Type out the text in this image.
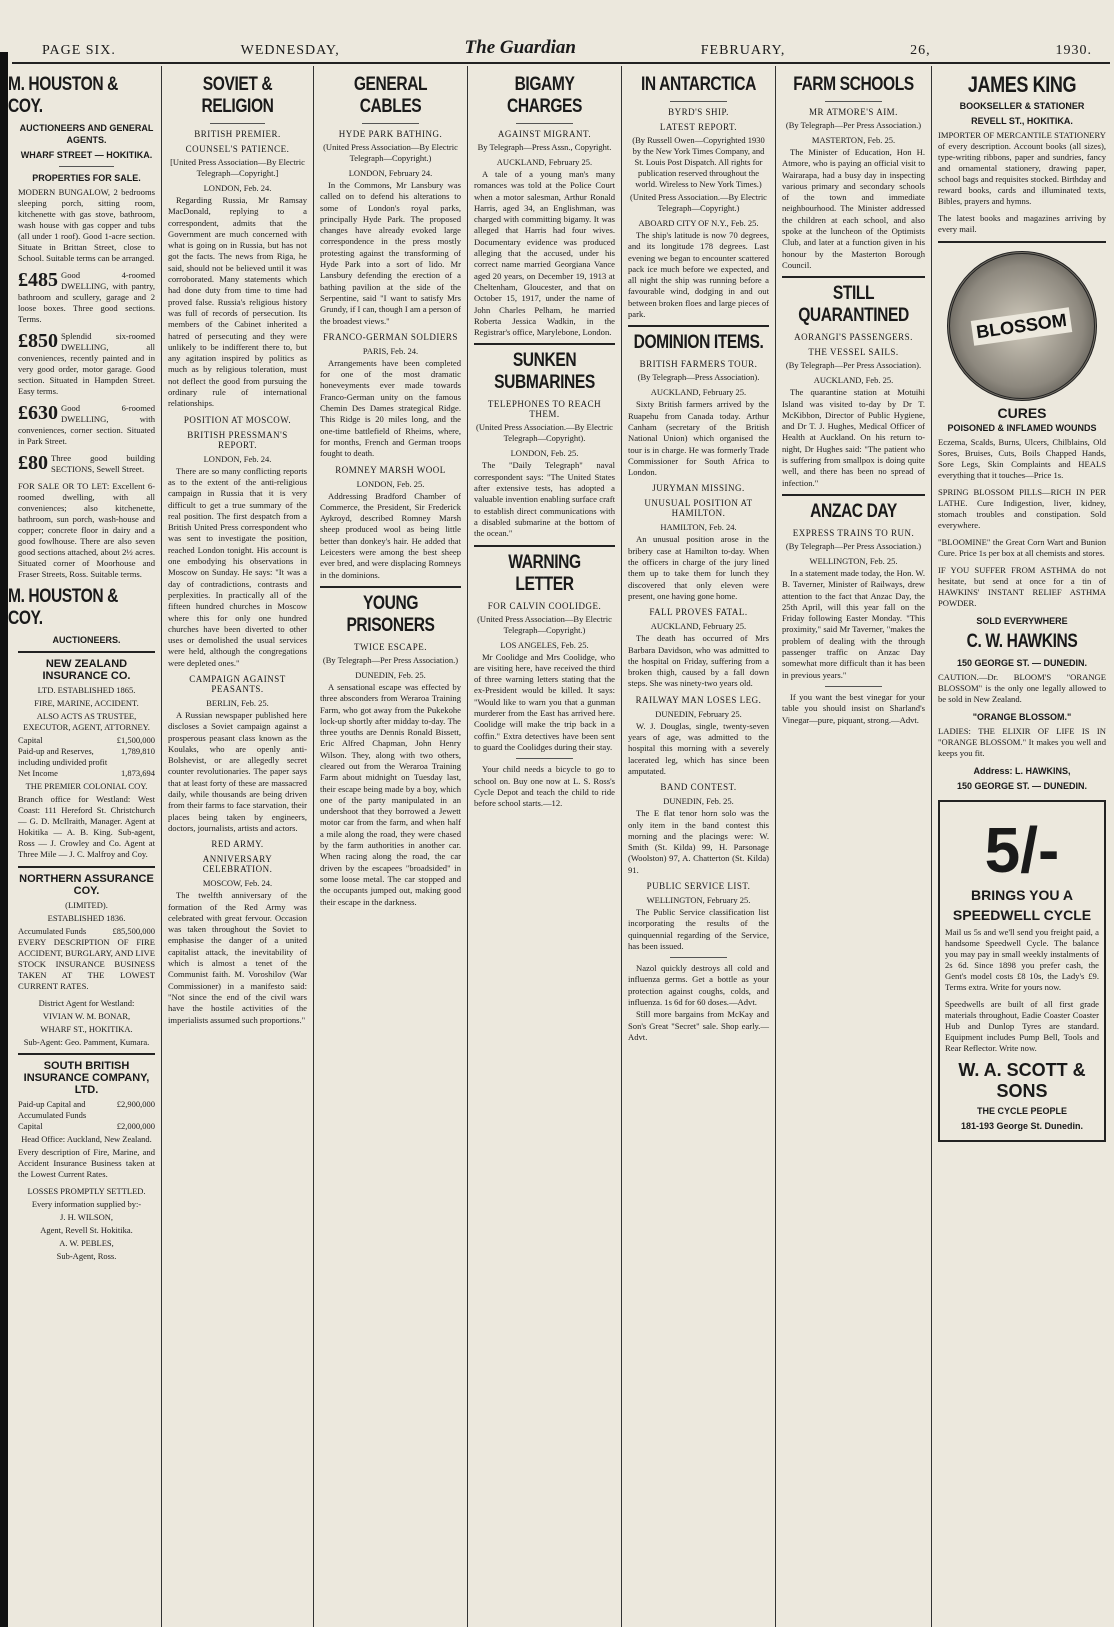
PAGE SIX.	WEDNESDAY,	The Guardian	FEBRUARY,	26,	1930.
M. HOUSTON & COY.
AUCTIONEERS AND GENERAL AGENTS.
WHARF STREET — HOKITIKA.
PROPERTIES FOR SALE.

MODERN BUNGALOW, 2 bedrooms sleeping porch, sitting room, kitchenette with gas stove, bathroom, wash house with gas copper and tubs (all under 1 roof). Good 1-acre section. Situate in Brittan Street, close to School. Suitable terms can be arranged.

£485 Good 4-roomed DWELLING, with pantry, bathroom and scullery, garage and 2 loose boxes. Three good sections. Terms.

£850 Splendid six-roomed DWELLING, all conveniences, recently painted and in very good order, motor garage. Good section. Situated in Hampden Street. Easy terms.

£630 Good 6-roomed DWELLING, with conveniences, corner section. Situated in Park Street.

£80 Three good building SECTIONS, Sewell Street.

FOR SALE OR TO LET: Excellent 6-roomed dwelling, with all conveniences; also kitchenette, bathroom, sun porch, wash-house and copper; concrete floor in dairy and a good fowlhouse. There are also seven good sections attached, about 2½ acres. Situated corner of Moorhouse and Fraser Streets, Ross. Suitable terms.

M. HOUSTON & COY.
AUCTIONEERS.
NEW ZEALAND INSURANCE CO.
LTD. ESTABLISHED 1865.
FIRE, MARINE, ACCIDENT.
ALSO ACTS AS TRUSTEE, EXECUTOR, AGENT, ATTORNEY.
Capital	£1,500,000
Paid-up and Reserves, including undivided profit
1,789,810
Net Income	1,873,694
THE PREMIER COLONIAL COY.

Branch office for Westland: West Coast: 111 Hereford St. Christchurch — G. D. McIlraith, Manager. Agent at Hokitika — A. B. King. Sub-agent, Ross — J. Crowley and Co. Agent at Three Mile — J. C. Malfroy and Coy.

NORTHERN ASSURANCE COY.
(LIMITED).
ESTABLISHED 1836.
Accumulated Funds	£85,500,000

EVERY DESCRIPTION OF FIRE ACCIDENT, BURGLARY, AND LIVE STOCK INSURANCE BUSINESS TAKEN AT THE LOWEST CURRENT RATES.

District Agent for Westland:
VIVIAN W. M. BONAR,
WHARF ST., HOKITIKA.
Sub-Agent: Geo. Pamment, Kumara.
SOUTH BRITISH INSURANCE COMPANY, LTD.
Paid-up Capital and Accumulated Funds
£2,900,000
Capital	£2,000,000
Head Office: Auckland, New Zealand.

Every description of Fire, Marine, and Accident Insurance Business taken at the Lowest Current Rates.

LOSSES PROMPTLY SETTLED.
Every information supplied by:-
J. H. WILSON,
Agent, Revell St. Hokitika.
A. W. PEBLES,
Sub-Agent, Ross.
SOVIET & RELIGION
BRITISH PREMIER.
COUNSEL'S PATIENCE.
[United Press Association—By Electric Telegraph—Copyright.]
LONDON, Feb. 24.

Regarding Russia, Mr Ramsay MacDonald, replying to a correspondent, admits that the Government are much concerned with what is going on in Russia, but has not got the facts. The news from Riga, he said, should not be believed until it was corroborated. Many statements which had done duty from time to time had proved false. Russia's religious history was full of records of persecution. Its members of the Cabinet inherited a hatred of persecuting and they were unlikely to be indifferent there to, but any agitation inspired by politics as much as by religious toleration, must not deflect the good from pursuing the ordinary rule of international relationships.

POSITION AT MOSCOW.
BRITISH PRESSMAN'S REPORT.
LONDON, Feb. 24.

There are so many conflicting reports as to the extent of the anti-religious campaign in Russia that it is very difficult to get a true summary of the real position. The first despatch from a British United Press correspondent who was sent to investigate the position, reached London tonight. His account is one embodying his observations in Moscow on Sunday. He says: "It was a day of contradictions, contrasts and perplexities. In practically all of the fifteen hundred churches in Moscow where this for only one hundred churches have been diverted to other uses or demolished the usual services were held, although the congregations were depleted ones."

CAMPAIGN AGAINST PEASANTS.
BERLIN, Feb. 25.

A Russian newspaper published here discloses a Soviet campaign against a prosperous peasant class known as the Koulaks, who are openly anti-Bolshevist, or are allegedly secret counter revolutionaries. The paper says that at least forty of these are massacred daily, while thousands are being driven from their farms to face starvation, their places being taken by engineers, doctors, journalists, artists and actors.

RED ARMY.
ANNIVERSARY CELEBRATION.
MOSCOW, Feb. 24.

The twelfth anniversary of the formation of the Red Army was celebrated with great fervour. Occasion was taken throughout the Soviet to emphasise the danger of a united capitalist attack, the inevitability of which is almost a tenet of the Communist faith. M. Voroshilov (War Commissioner) in a manifesto said: "Not since the end of the civil wars have the hostile activities of the imperialists assumed such proportions."

GENERAL CABLES
HYDE PARK BATHING.
(United Press Association—By Electric Telegraph—Copyright.)
LONDON, February 24.

In the Commons, Mr Lansbury was called on to defend his alterations to some of London's royal parks, principally Hyde Park. The proposed changes have already evoked large correspondence in the press mostly protesting against the transforming of Hyde Park into a sort of lido. Mr Lansbury defending the erection of a bathing pavilion at the side of the Serpentine, said "I want to satisfy Mrs Grundy, if I can, though I am a person of the broadest views."

FRANCO-GERMAN SOLDIERS
PARIS, Feb. 24.

Arrangements have been completed for one of the most dramatic honeveyments ever made towards Franco-German unity on the famous Chemin Des Dames strategical Ridge. This Ridge is 20 miles long, and the one-time battlefield of Rheims, where, for months, French and German troops fought to death.

ROMNEY MARSH WOOL
LONDON, Feb. 25.

Addressing Bradford Chamber of Commerce, the President, Sir Frederick Aykroyd, described Romney Marsh sheep produced wool as being little better than donkey's hair. He added that Leicesters were among the best sheep ever bred, and were displacing Romneys in the dominions.

YOUNG PRISONERS
TWICE ESCAPE.
(By Telegraph—Per Press Association.)
DUNEDIN, Feb. 25.

A sensational escape was effected by three absconders from Weraroa Training Farm, who got away from the Pukekohe lock-up shortly after midday to-day. The three youths are Dennis Ronald Bissett, Eric Alfred Chapman, John Henry Wilson. They, along with two others, cleared out from the Weraroa Training Farm about midnight on Tuesday last, their escape being made by a boy, which one of the party manipulated in an undershoot that they borrowed a Jewett motor car from the farm, and when half a mile along the road, they were chased by the farm authorities in another car. When racing along the road, the car driven by the escapees "broadsided" in some loose metal. The car stopped and the occupants jumped out, making good their escape in the darkness.

BIGAMY CHARGES
AGAINST MIGRANT.
By Telegraph—Press Assn., Copyright.
AUCKLAND, February 25.

A tale of a young man's many romances was told at the Police Court when a motor salesman, Arthur Ronald Harris, aged 34, an Englishman, was charged with committing bigamy. It was alleged that Harris had four wives. Documentary evidence was produced alleging that the accused, under his correct name married Georgiana Vance aged 20 years, on December 19, 1913 at Cheltenham, Gloucester, and that on October 15, 1917, under the name of John Charles Pelham, he married Roberta Jessica Wadkin, in the Registrar's office, Marylebone, London.

SUNKEN SUBMARINES
TELEPHONES TO REACH THEM.
(United Press Association.—By Electric Telegraph—Copyright).
LONDON, Feb. 25.

The "Daily Telegraph" naval correspondent says: "The United States after extensive tests, has adopted a valuable invention enabling surface craft to establish direct communications with a disabled submarine at the bottom of the ocean."

WARNING LETTER
FOR CALVIN COOLIDGE.
(United Press Association—By Electric Telegraph—Copyright.)
LOS ANGELES, Feb. 25.

Mr Coolidge and Mrs Coolidge, who are visiting here, have received the third of three warning letters stating that the ex-President would be killed. It says: "Would like to warn you that a gunman murderer from the East has arrived here. Coolidge will make the trip back in a coffin." Extra detectives have been sent to guard the Coolidges during their stay.

Your child needs a bicycle to go to school on. Buy one now at L. S. Ross's Cycle Depot and teach the child to ride before school starts.—12.

IN ANTARCTICA
BYRD'S SHIP.
LATEST REPORT.
(By Russell Owen—Copyrighted 1930 by the New York Times Company, and St. Louis Post Dispatch. All rights for publication reserved throughout the world. Wireless to New York Times.)
(United Press Association.—By Electric Telegraph—Copyright.)
ABOARD CITY OF N.Y., Feb. 25.

The ship's latitude is now 70 degrees, and its longitude 178 degrees. Last evening we began to encounter scattered pack ice much before we expected, and all night the ship was running before a favourable wind, dodging in and out between broken floes and large pieces of park.

DOMINION ITEMS.
BRITISH FARMERS TOUR.
(By Telegraph—Press Association).
AUCKLAND, February 25.

Sixty British farmers arrived by the Ruapehu from Canada today. Arthur Canham (secretary of the British National Union) which organised the tour is in charge. He was formerly Trade Commissioner for South Africa to London.

JURYMAN MISSING.
UNUSUAL POSITION AT HAMILTON.
HAMILTON, Feb. 24.

An unusual position arose in the bribery case at Hamilton to-day. When the officers in charge of the jury lined them up to take them for lunch they discovered that only eleven were present, one having gone home.

FALL PROVES FATAL.
AUCKLAND, February 25.

The death has occurred of Mrs Barbara Davidson, who was admitted to the hospital on Friday, suffering from a broken thigh, caused by a fall down steps. She was ninety-two years old.

RAILWAY MAN LOSES LEG.
DUNEDIN, February 25.

W. J. Douglas, single, twenty-seven years of age, was admitted to the hospital this morning with a severely lacerated leg, which has since been amputated.

BAND CONTEST.
DUNEDIN, Feb. 25.

The E flat tenor horn solo was the only item in the band contest this morning and the placings were: W. Smith (St. Kilda) 99, H. Parsonage (Woolston) 97, A. Chatterton (St. Kilda) 91.

PUBLIC SERVICE LIST.
WELLINGTON, February 25.

The Public Service classification list incorporating the results of the quinquennial regarding of the Service, has been issued.

Nazol quickly destroys all cold and influenza germs. Get a bottle as your protection against coughs, colds, and influenza. 1s 6d for 60 doses.—Advt.

Still more bargains from McKay and Son's Great "Secret" sale. Shop early.—Advt.

FARM SCHOOLS
MR ATMORE'S AIM.
(By Telegraph—Per Press Association.)
MASTERTON, Feb. 25.

The Minister of Education, Hon H. Atmore, who is paying an official visit to Wairarapa, had a busy day in inspecting various primary and secondary schools of the town and immediate neighbourhood. The Minister addressed the children at each school, and also spoke at the luncheon of the Optimists Club, and later at a function given in his honour by the Masterton Borough Council.

STILL QUARANTINED
AORANGI'S PASSENGERS.
THE VESSEL SAILS.
(By Telegraph—Per Press Association).
AUCKLAND, Feb. 25.

The quarantine station at Motuihi Island was visited to-day by Dr T. McKibbon, Director of Public Hygiene, and Dr T. J. Hughes, Medical Officer of Health at Auckland. On his return to-night, Dr Hughes said: "The patient who is suffering from smallpox is doing quite well, and there has been no spread of infection."

ANZAC DAY
EXPRESS TRAINS TO RUN.
(By Telegraph—Per Press Association.)
WELLINGTON, Feb. 25.

In a statement made today, the Hon. W. B. Taverner, Minister of Railways, drew attention to the fact that Anzac Day, the 25th April, will this year fall on the Friday following Easter Monday. "This proximity," said Mr Taverner, "makes the problem of dealing with the through passenger traffic on Anzac Day somewhat more difficult than it has been in previous years."

If you want the best vinegar for your table you should insist on Sharland's Vinegar—pure, piquant, strong.—Advt.

JAMES KING
BOOKSELLER & STATIONER
REVELL ST., HOKITIKA.

IMPORTER OF MERCANTILE STATIONERY of every description. Account books (all sizes), type-writing ribbons, paper and sundries, fancy and ornamental stationery, drawing paper, school bags and requisites stocked. Birthday and reward books, cards and illuminated texts, Bibles, prayers and hymns.

The latest books and magazines arriving by every mail.

BLOSSOM
CURES
POISONED & INFLAMED WOUNDS

Eczema, Scalds, Burns, Ulcers, Chilblains, Old Sores, Bruises, Cuts, Boils Chapped Hands, Sore Legs, Skin Complaints and HEALS everything that it touches—Price 1s.

SPRING BLOSSOM PILLS—RICH IN PER LATHE. Cure Indigestion, liver, kidney, stomach troubles and constipation. Sold everywhere.

"BLOOMINE" the Great Corn Wart and Bunion Cure. Price 1s per box at all chemists and stores.

IF YOU SUFFER FROM ASTHMA do not hesitate, but send at once for a tin of HAWKINS' INSTANT RELIEF ASTHMA POWDER.

SOLD EVERYWHERE
C. W. HAWKINS
150 GEORGE ST. — DUNEDIN.

CAUTION.—Dr. BLOOM'S "ORANGE BLOSSOM" is the only one legally allowed to be sold in New Zealand.

"ORANGE BLOSSOM."

LADIES: THE ELIXIR OF LIFE IS IN "ORANGE BLOSSOM." It makes you well and keeps you fit.

Address: L. HAWKINS,
150 GEORGE ST. — DUNEDIN.
5/-
BRINGS YOU A
SPEEDWELL CYCLE

Mail us 5s and we'll send you freight paid, a handsome Speedwell Cycle. The balance you may pay in small weekly instalments of 2s 6d. Since 1898 you prefer cash, the Gent's model costs £8 10s, the Lady's £9. Terms extra. Write for yours now.

Speedwells are built of all first grade materials throughout, Eadie Coaster Coaster Hub and Dunlop Tyres are standard. Equipment includes Pump Bell, Tools and Rear Reflector. Write now.

W. A. SCOTT & SONS
THE CYCLE PEOPLE
181-193 George St. Dunedin.
